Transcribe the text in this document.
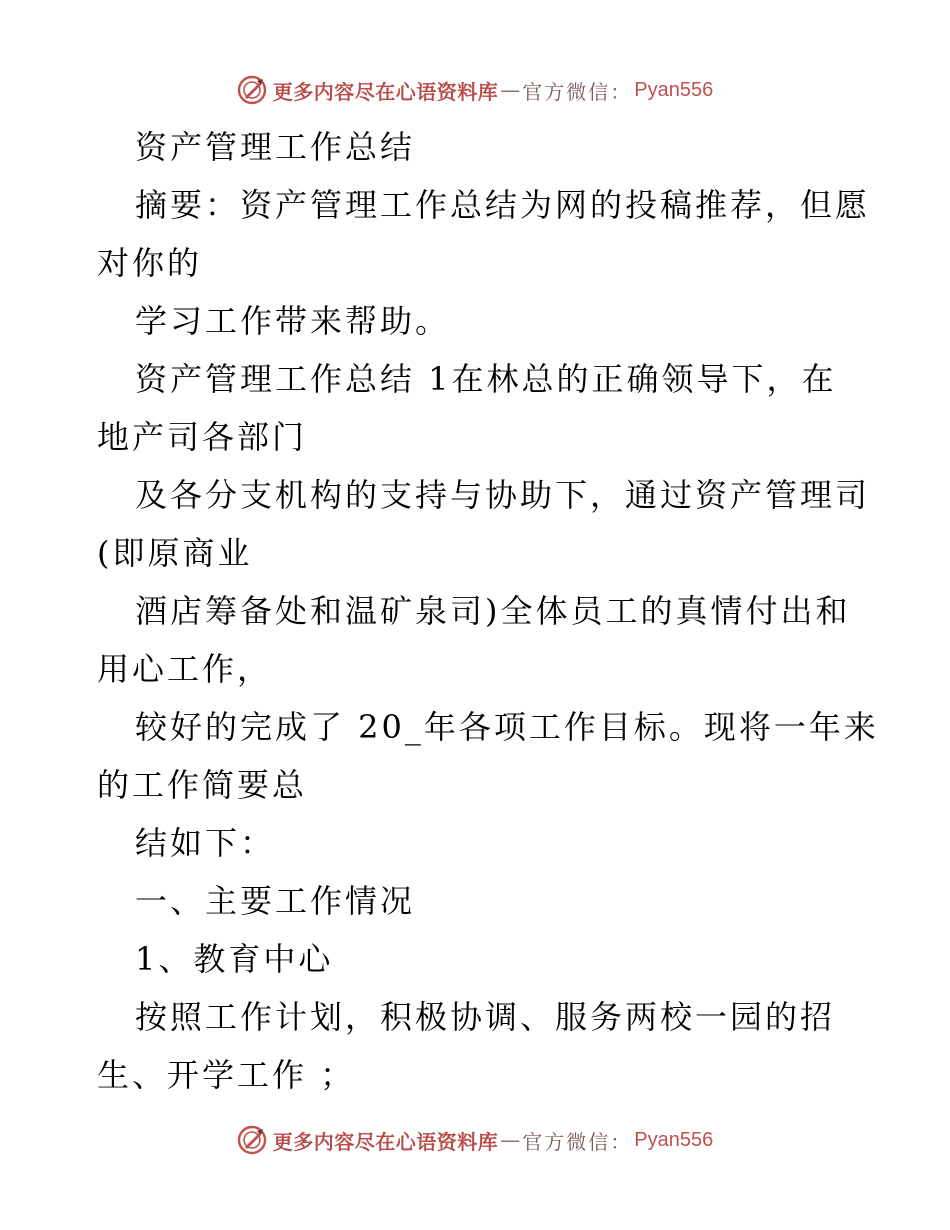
更多内容尽在心语资料库 — 官方微信： Pyan556
资产管理工作总结
摘要：资产管理工作总结为网的投稿推荐，但愿
对你的
学习工作带来帮助。
资产管理工作总结 1在林总的正确领导下，在
地产司各部门
及各分支机构的支持与协助下，通过资产管理司
(即原商业
酒店筹备处和温矿泉司)全体员工的真情付出和
用心工作，
较好的完成了 20_年各项工作目标。现将一年来
的工作简要总
结如下：
一、主要工作情况
1、教育中心
按照工作计划，积极协调、服务两校一园的招
生、开学工作 ；
更多内容尽在心语资料库 — 官方微信： Pyan556
